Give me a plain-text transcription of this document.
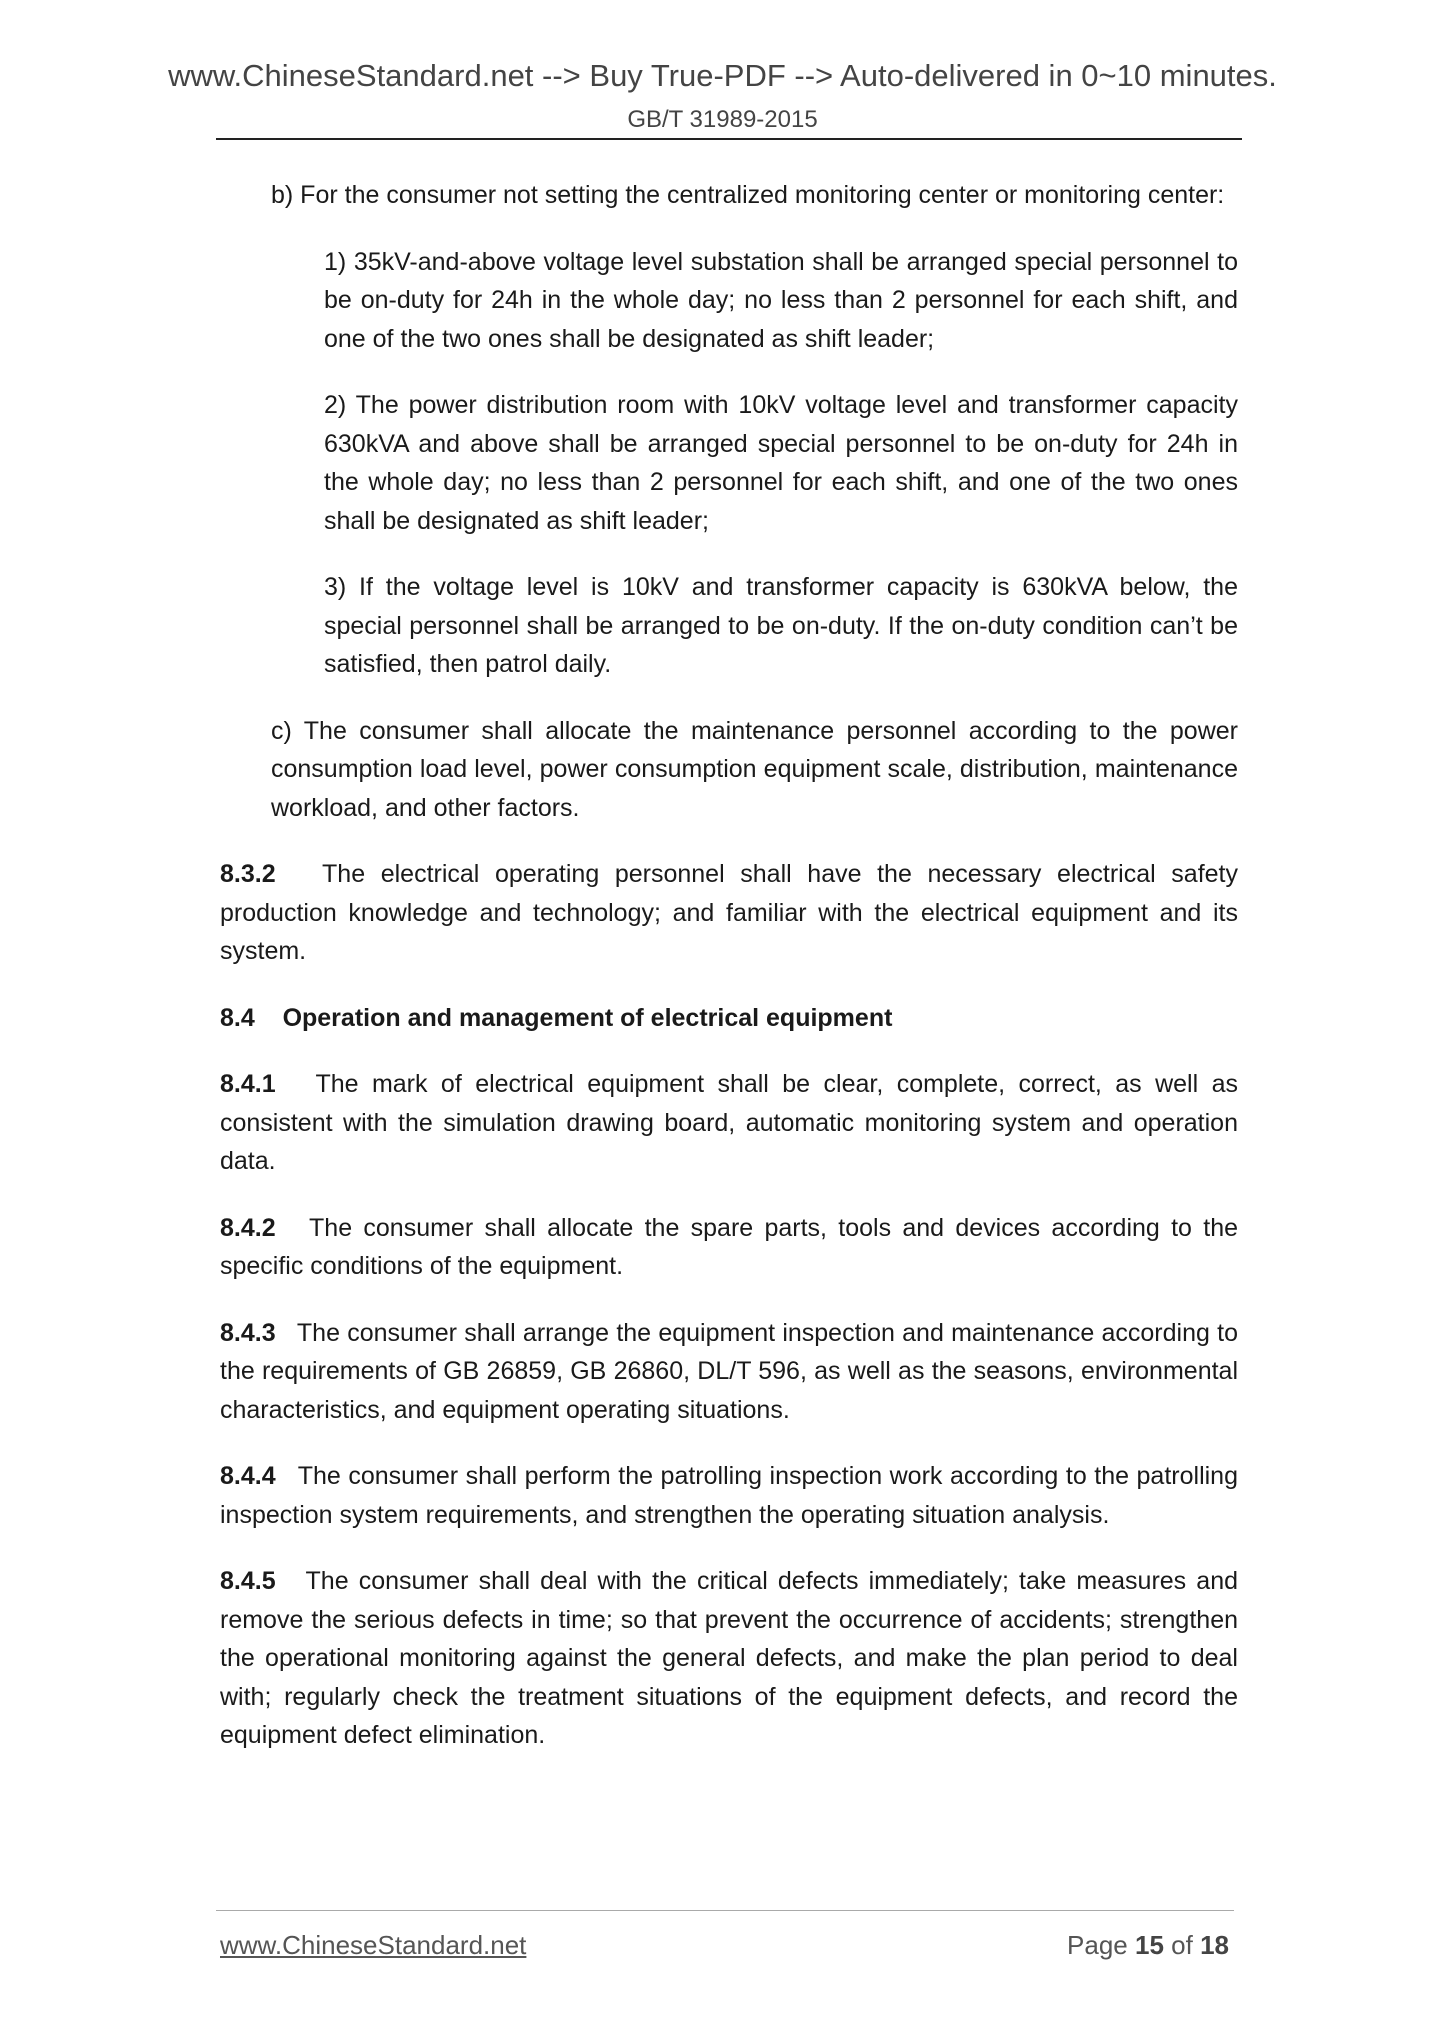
www.ChineseStandard.net --> Buy True-PDF --> Auto-delivered in 0~10 minutes.
GB/T 31989-2015

b) For the consumer not setting the centralized monitoring center or monitoring center:

1) 35kV-and-above voltage level substation shall be arranged special personnel to be on-duty for 24h in the whole day; no less than 2 personnel for each shift, and one of the two ones shall be designated as shift leader;

2) The power distribution room with 10kV voltage level and transformer capacity 630kVA and above shall be arranged special personnel to be on-duty for 24h in the whole day; no less than 2 personnel for each shift, and one of the two ones shall be designated as shift leader;

3) If the voltage level is 10kV and transformer capacity is 630kVA below, the special personnel shall be arranged to be on-duty. If the on-duty condition can’t be satisfied, then patrol daily.

c) The consumer shall allocate the maintenance personnel according to the power consumption load level, power consumption equipment scale, distribution, maintenance workload, and other factors.

8.3.2 The electrical operating personnel shall have the necessary electrical safety production knowledge and technology; and familiar with the electrical equipment and its system.

8.4 Operation and management of electrical equipment

8.4.1 The mark of electrical equipment shall be clear, complete, correct, as well as consistent with the simulation drawing board, automatic monitoring system and operation data.

8.4.2 The consumer shall allocate the spare parts, tools and devices according to the specific conditions of the equipment.

8.4.3 The consumer shall arrange the equipment inspection and maintenance according to the requirements of GB 26859, GB 26860, DL/T 596, as well as the seasons, environmental characteristics, and equipment operating situations.

8.4.4 The consumer shall perform the patrolling inspection work according to the patrolling inspection system requirements, and strengthen the operating situation analysis.

8.4.5 The consumer shall deal with the critical defects immediately; take measures and remove the serious defects in time; so that prevent the occurrence of accidents; strengthen the operational monitoring against the general defects, and make the plan period to deal with; regularly check the treatment situations of the equipment defects, and record the equipment defect elimination.

www.ChineseStandard.net	Page 15 of 18
